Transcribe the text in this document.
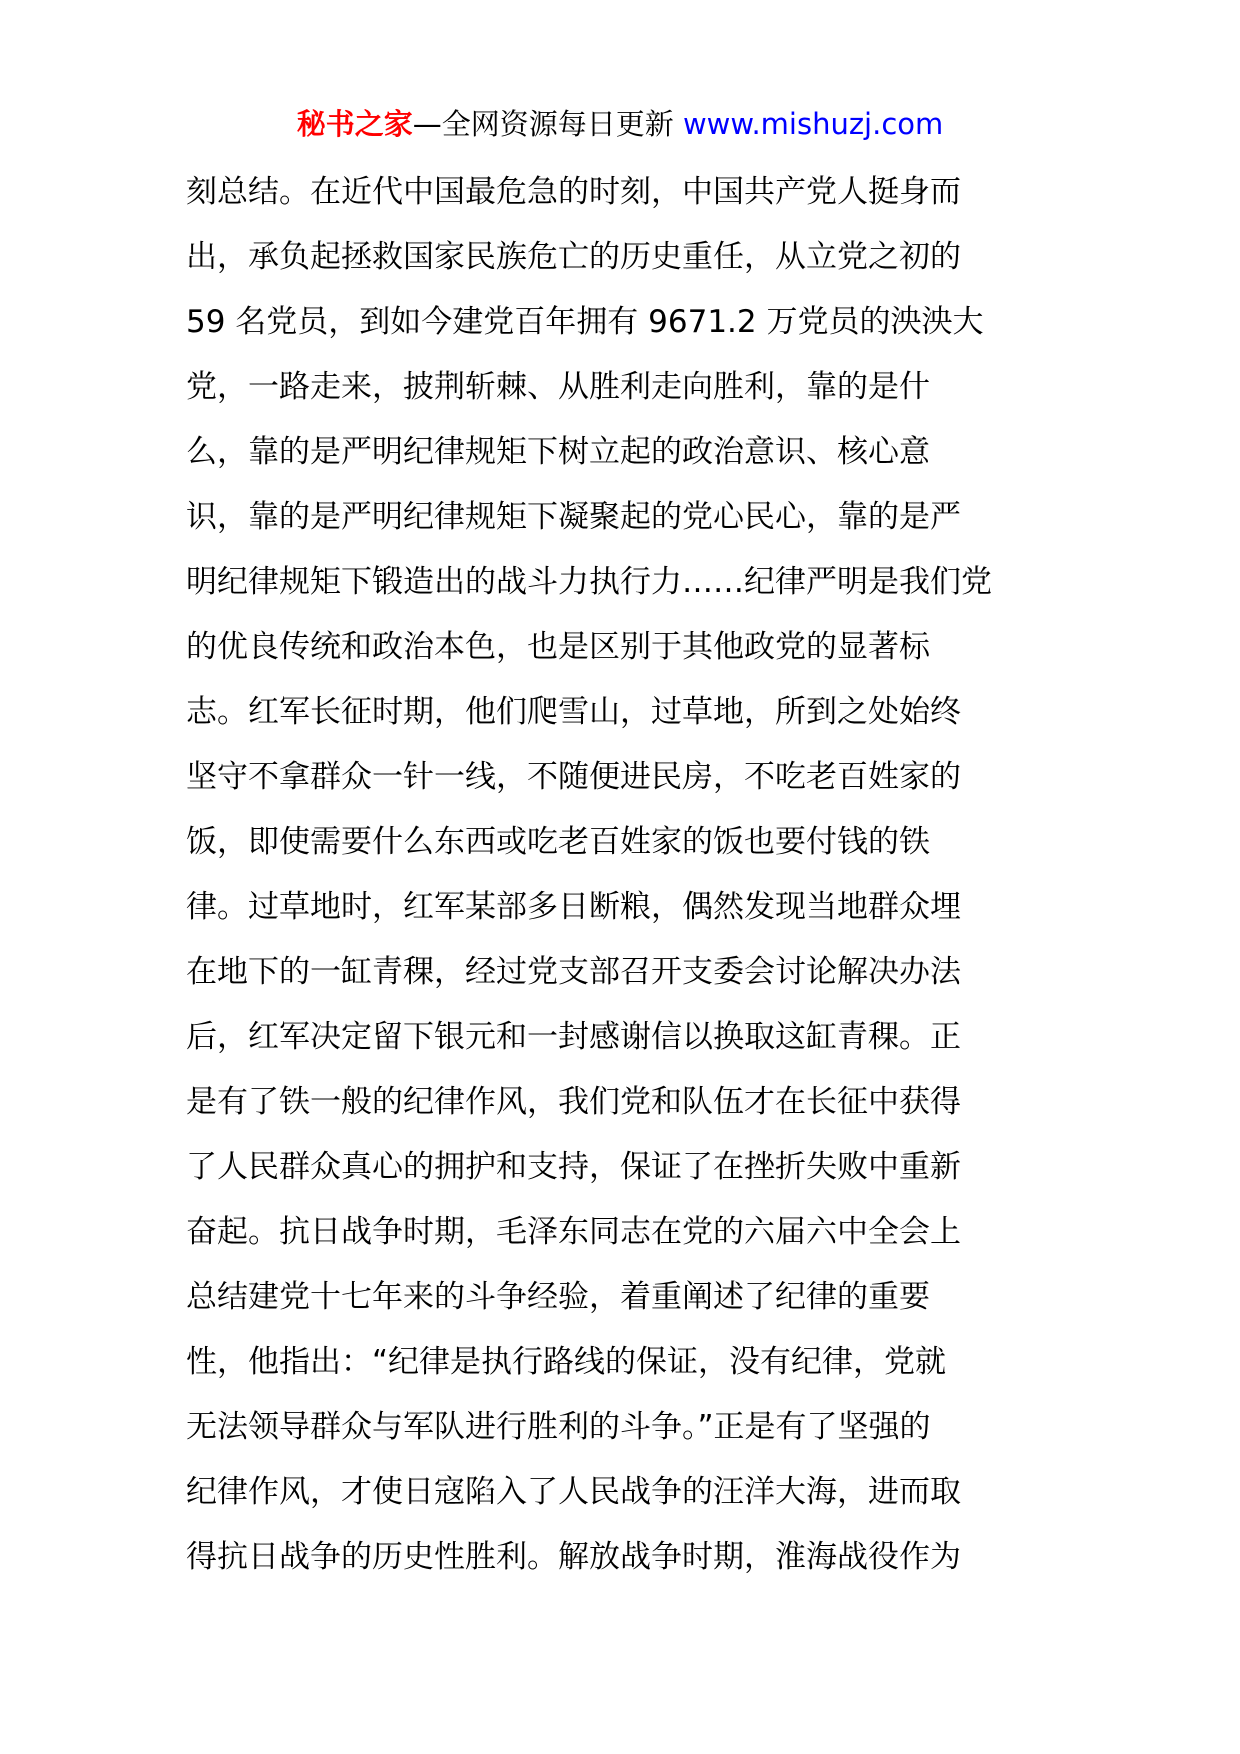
秘书之家—全网资源每日更新 www.mishuzj.com
刻总结。在近代中国最危急的时刻，中国共产党人挺身而
出，承负起拯救国家民族危亡的历史重任，从立党之初的
59 名党员，到如今建党百年拥有 9671.2 万党员的泱泱大
党，一路走来，披荆斩棘、从胜利走向胜利，靠的是什
么，靠的是严明纪律规矩下树立起的政治意识、核心意
识，靠的是严明纪律规矩下凝聚起的党心民心，靠的是严
明纪律规矩下锻造出的战斗力执行力……纪律严明是我们党
的优良传统和政治本色，也是区别于其他政党的显著标
志。红军长征时期，他们爬雪山，过草地，所到之处始终
坚守不拿群众一针一线，不随便进民房，不吃老百姓家的
饭，即使需要什么东西或吃老百姓家的饭也要付钱的铁
律。过草地时，红军某部多日断粮，偶然发现当地群众埋
在地下的一缸青稞，经过党支部召开支委会讨论解决办法
后，红军决定留下银元和一封感谢信以换取这缸青稞。正
是有了铁一般的纪律作风，我们党和队伍才在长征中获得
了人民群众真心的拥护和支持，保证了在挫折失败中重新
奋起。抗日战争时期，毛泽东同志在党的六届六中全会上
总结建党十七年来的斗争经验，着重阐述了纪律的重要
性，他指出：“纪律是执行路线的保证，没有纪律，党就
无法领导群众与军队进行胜利的斗争。”正是有了坚强的
纪律作风，才使日寇陷入了人民战争的汪洋大海，进而取
得抗日战争的历史性胜利。解放战争时期，淮海战役作为
